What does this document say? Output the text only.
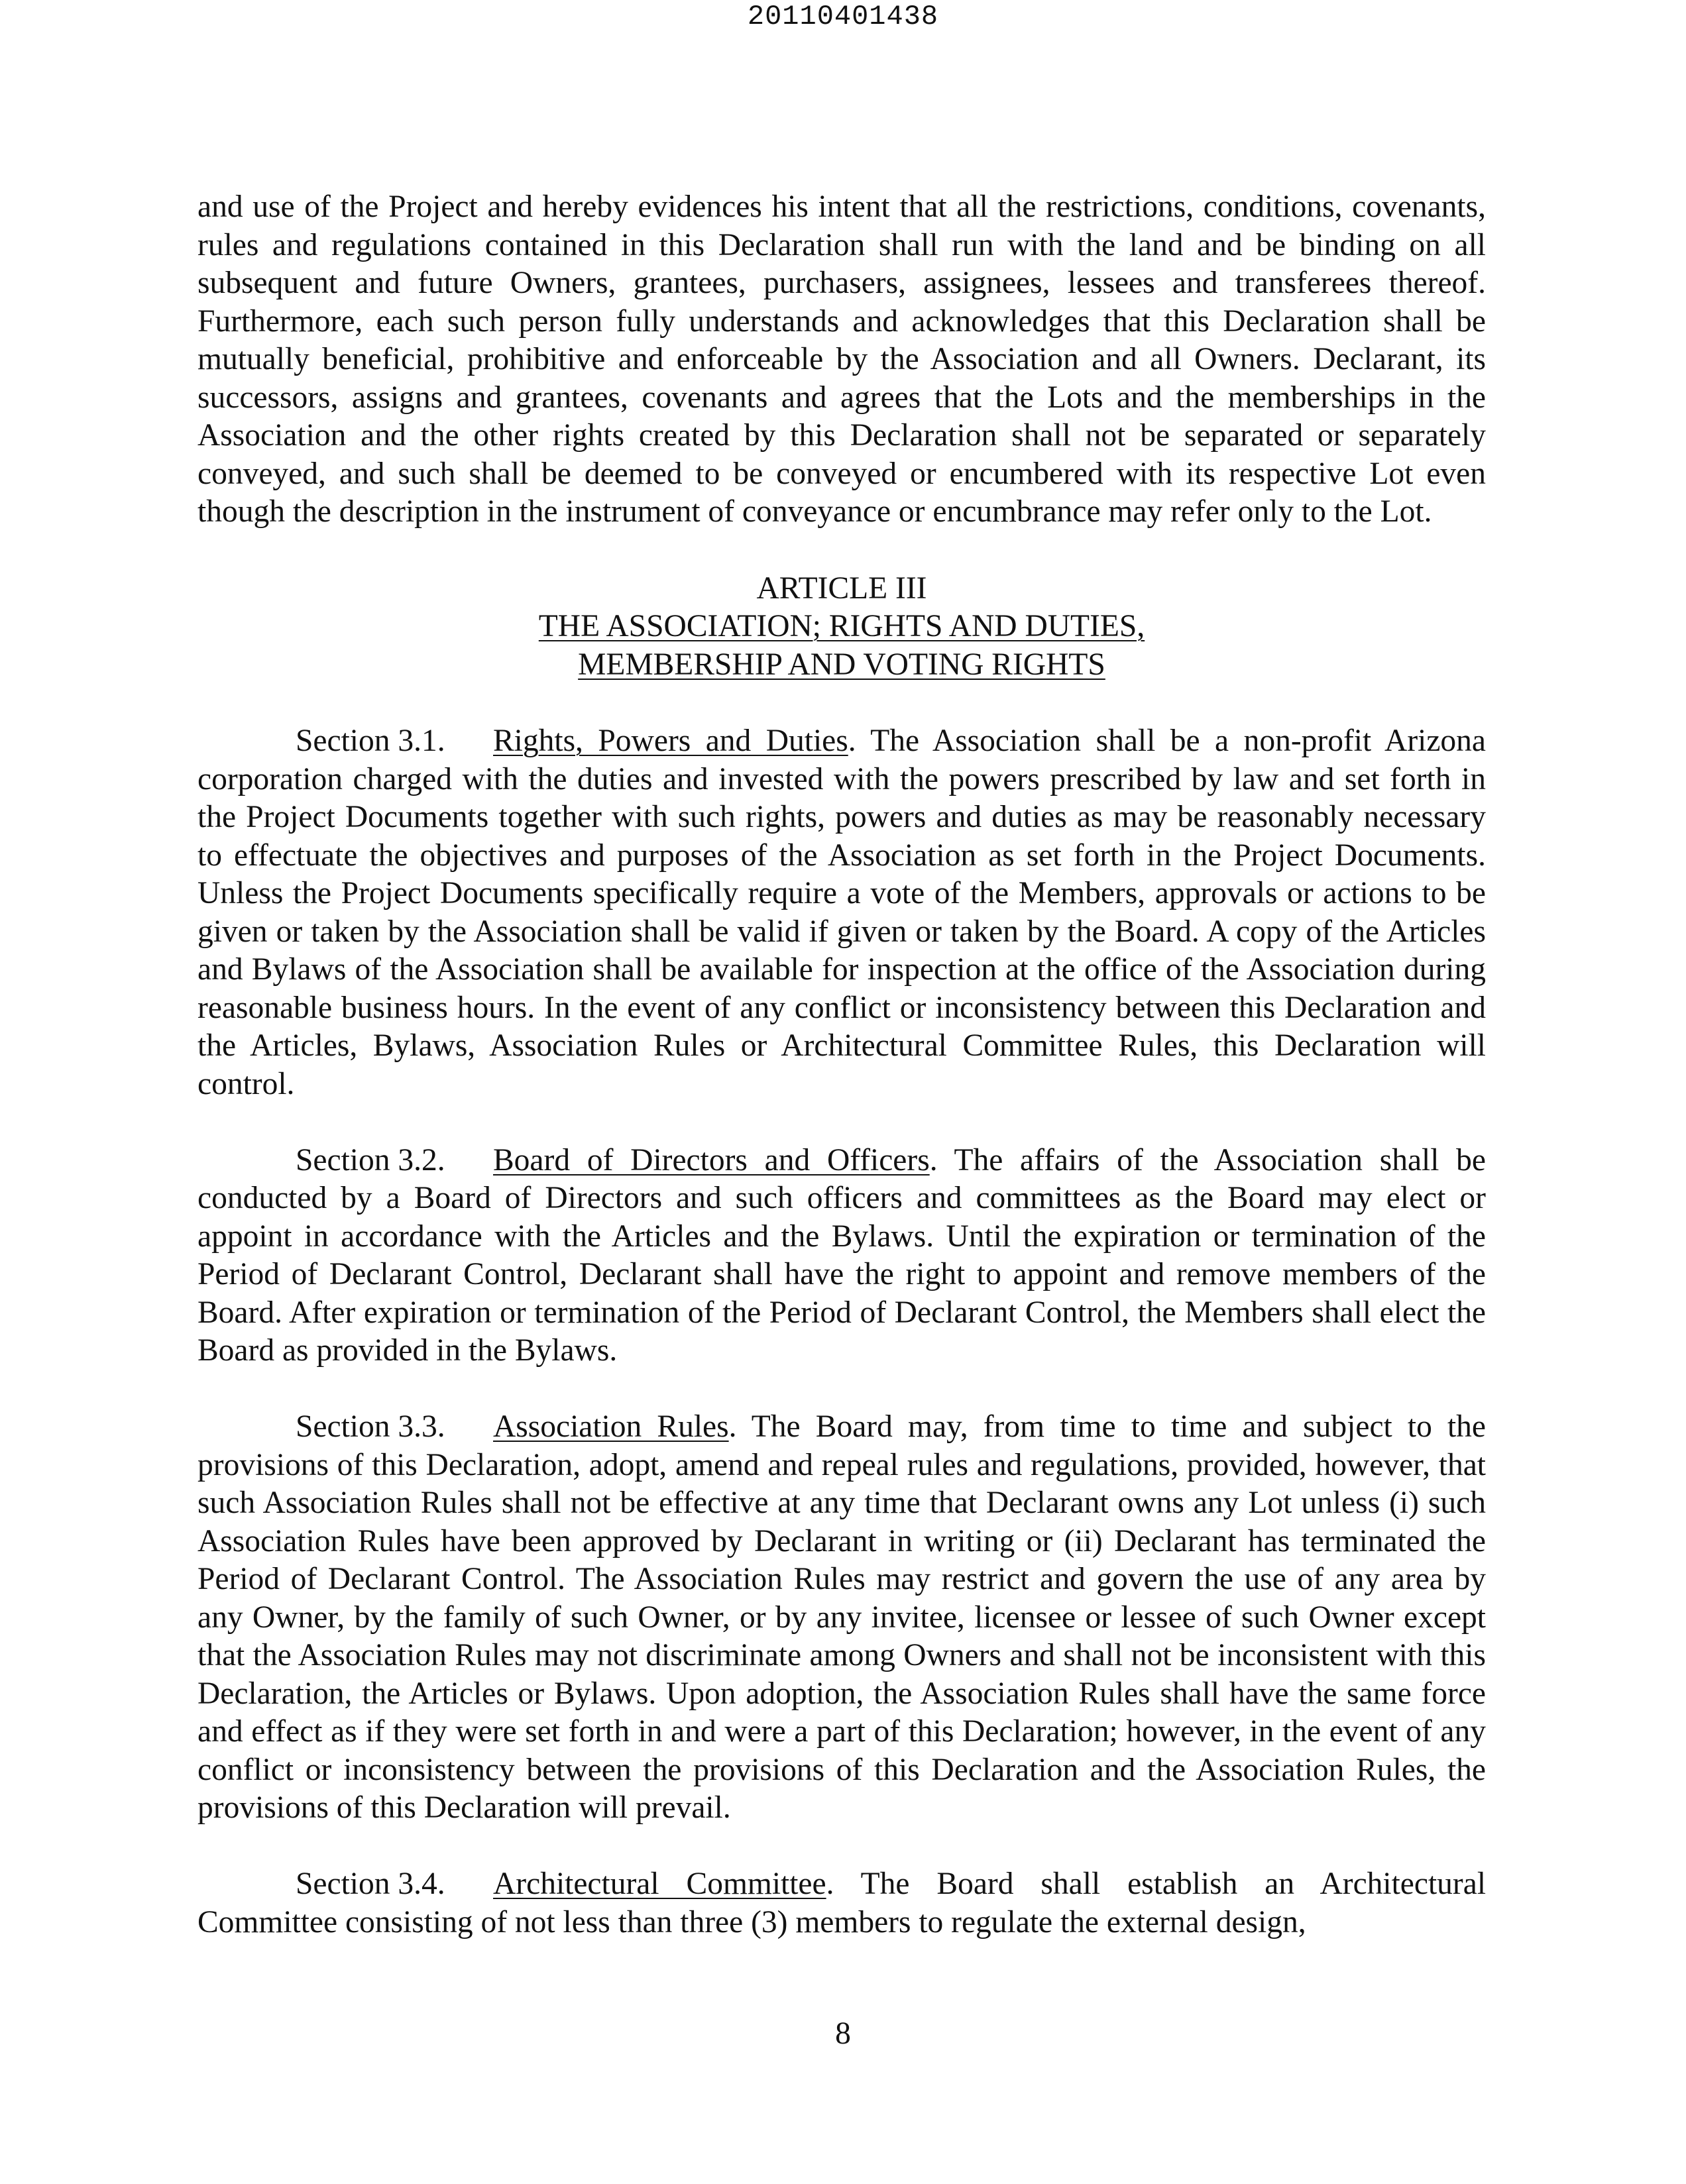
20110401438

and use of the Project and hereby evidences his intent that all the restrictions, conditions, covenants, rules and regulations contained in this Declaration shall run with the land and be binding on all subsequent and future Owners, grantees, purchasers, assignees, lessees and transferees thereof. Furthermore, each such person fully understands and acknowledges that this Declaration shall be mutually beneficial, prohibitive and enforceable by the Association and all Owners. Declarant, its successors, assigns and grantees, covenants and agrees that the Lots and the memberships in the Association and the other rights created by this Declaration shall not be separated or separately conveyed, and such shall be deemed to be conveyed or encumbered with its respective Lot even though the description in the instrument of conveyance or encumbrance may refer only to the Lot.

ARTICLE III
THE ASSOCIATION; RIGHTS AND DUTIES,
MEMBERSHIP AND VOTING RIGHTS

Section 3.1. Rights, Powers and Duties. The Association shall be a non-profit Arizona corporation charged with the duties and invested with the powers prescribed by law and set forth in the Project Documents together with such rights, powers and duties as may be reasonably necessary to effectuate the objectives and purposes of the Association as set forth in the Project Documents. Unless the Project Documents specifically require a vote of the Members, approvals or actions to be given or taken by the Association shall be valid if given or taken by the Board. A copy of the Articles and Bylaws of the Association shall be available for inspection at the office of the Association during reasonable business hours. In the event of any conflict or inconsistency between this Declaration and the Articles, Bylaws, Association Rules or Architectural Committee Rules, this Declaration will control.

Section 3.2. Board of Directors and Officers. The affairs of the Association shall be conducted by a Board of Directors and such officers and committees as the Board may elect or appoint in accordance with the Articles and the Bylaws. Until the expiration or termination of the Period of Declarant Control, Declarant shall have the right to appoint and remove members of the Board. After expiration or termination of the Period of Declarant Control, the Members shall elect the Board as provided in the Bylaws.

Section 3.3. Association Rules. The Board may, from time to time and subject to the provisions of this Declaration, adopt, amend and repeal rules and regulations, provided, however, that such Association Rules shall not be effective at any time that Declarant owns any Lot unless (i) such Association Rules have been approved by Declarant in writing or (ii) Declarant has terminated the Period of Declarant Control. The Association Rules may restrict and govern the use of any area by any Owner, by the family of such Owner, or by any invitee, licensee or lessee of such Owner except that the Association Rules may not discriminate among Owners and shall not be inconsistent with this Declaration, the Articles or Bylaws. Upon adoption, the Association Rules shall have the same force and effect as if they were set forth in and were a part of this Declaration; however, in the event of any conflict or inconsistency between the provisions of this Declaration and the Association Rules, the provisions of this Declaration will prevail.

Section 3.4. Architectural Committee. The Board shall establish an Architectural Committee consisting of not less than three (3) members to regulate the external design,

8
